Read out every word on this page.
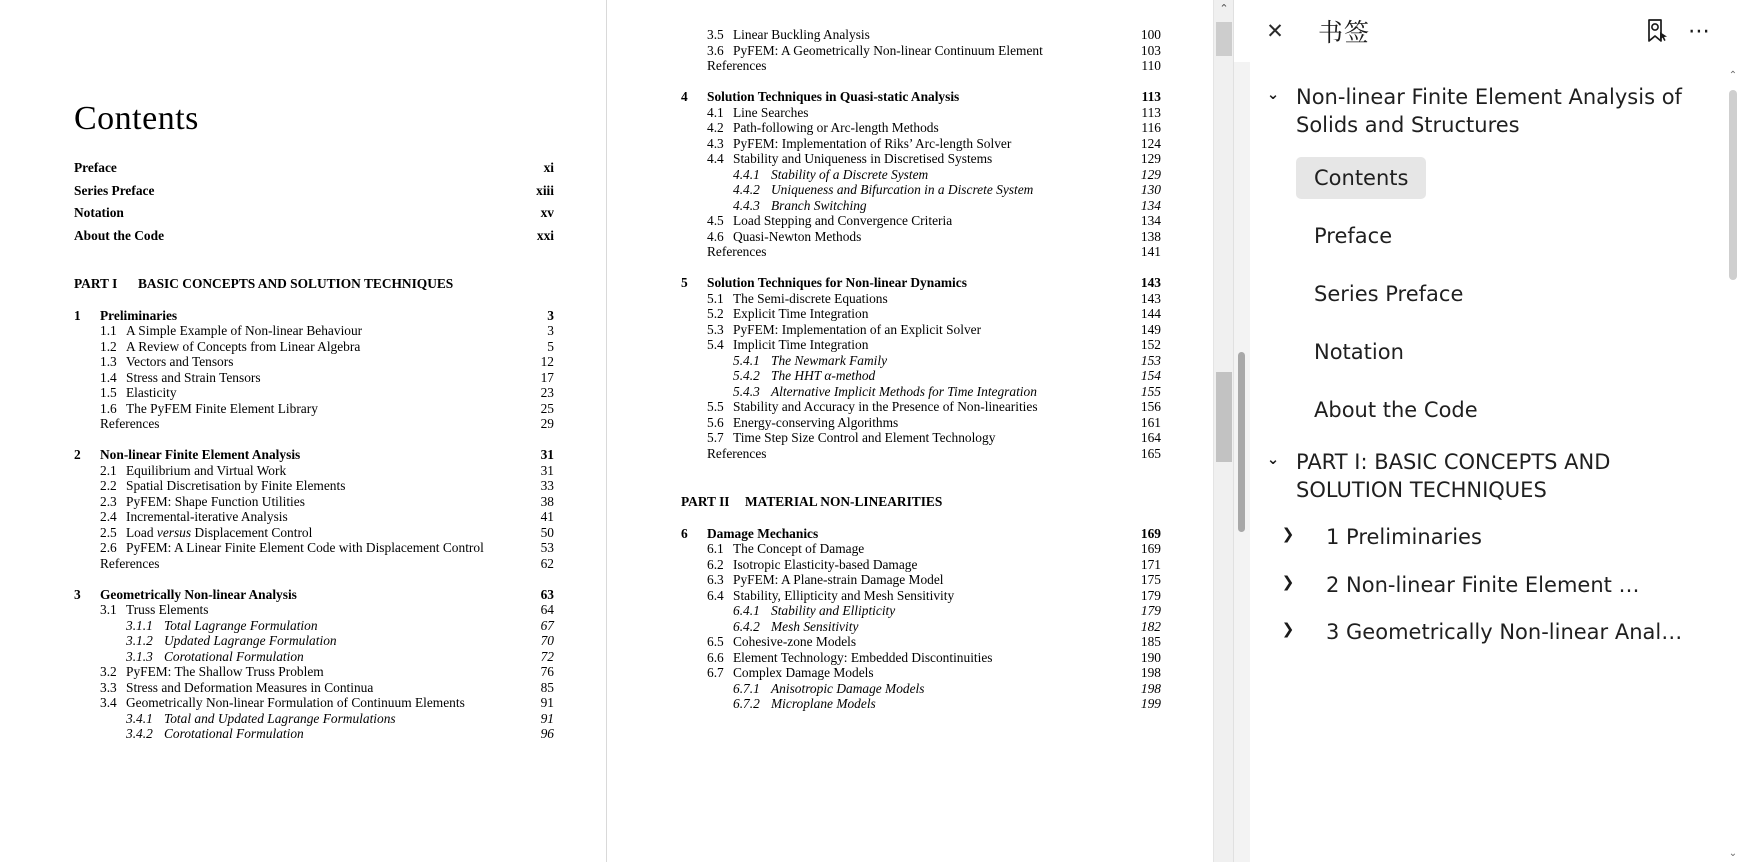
Contents
Preface	xi
Series Preface	xiii
Notation	xv
About the Code	xxi
PART I BASIC CONCEPTS AND SOLUTION TECHNIQUES
1 Preliminaries	3
1.1 A Simple Example of Non-linear Behaviour	3
1.2 A Review of Concepts from Linear Algebra	5
1.3 Vectors and Tensors	12
1.4 Stress and Strain Tensors	17
1.5 Elasticity	23
1.6 The PyFEM Finite Element Library	25
References	29
2 Non-linear Finite Element Analysis	31
2.1 Equilibrium and Virtual Work	31
2.2 Spatial Discretisation by Finite Elements	33
2.3 PyFEM: Shape Function Utilities	38
2.4 Incremental-iterative Analysis	41
2.5 Load versus Displacement Control	50
2.6 PyFEM: A Linear Finite Element Code with Displacement Control	53
References	62
3 Geometrically Non-linear Analysis	63
3.1 Truss Elements	64
3.1.1 Total Lagrange Formulation	67
3.1.2 Updated Lagrange Formulation	70
3.1.3 Corotational Formulation	72
3.2 PyFEM: The Shallow Truss Problem	76
3.3 Stress and Deformation Measures in Continua	85
3.4 Geometrically Non-linear Formulation of Continuum Elements	91
3.4.1 Total and Updated Lagrange Formulations	91
3.4.2 Corotational Formulation	96
3.5 Linear Buckling Analysis	100
3.6 PyFEM: A Geometrically Non-linear Continuum Element	103
References	110
4 Solution Techniques in Quasi-static Analysis	113
4.1 Line Searches	113
4.2 Path-following or Arc-length Methods	116
4.3 PyFEM: Implementation of Riks’ Arc-length Solver	124
4.4 Stability and Uniqueness in Discretised Systems	129
4.4.1 Stability of a Discrete System	129
4.4.2 Uniqueness and Bifurcation in a Discrete System	130
4.4.3 Branch Switching	134
4.5 Load Stepping and Convergence Criteria	134
4.6 Quasi-Newton Methods	138
References	141
5 Solution Techniques for Non-linear Dynamics	143
5.1 The Semi-discrete Equations	143
5.2 Explicit Time Integration	144
5.3 PyFEM: Implementation of an Explicit Solver	149
5.4 Implicit Time Integration	152
5.4.1 The Newmark Family	153
5.4.2 The HHT α-method	154
5.4.3 Alternative Implicit Methods for Time Integration	155
5.5 Stability and Accuracy in the Presence of Non-linearities	156
5.6 Energy-conserving Algorithms	161
5.7 Time Step Size Control and Element Technology	164
References	165
PART II MATERIAL NON-LINEARITIES
6 Damage Mechanics	169
6.1 The Concept of Damage	169
6.2 Isotropic Elasticity-based Damage	171
6.3 PyFEM: A Plane-strain Damage Model	175
6.4 Stability, Ellipticity and Mesh Sensitivity	179
6.4.1 Stability and Ellipticity	179
6.4.2 Mesh Sensitivity	182
6.5 Cohesive-zone Models	185
6.6 Element Technology: Embedded Discontinuities	190
6.7 Complex Damage Models	198
6.7.1 Anisotropic Damage Models	198
6.7.2 Microplane Models	199
⌃
✕ 书签	⋯
⌄ Non-linear Finite Element Analysis of Solids and Structures
Contents
Preface
Series Preface
Notation
About the Code
⌄ PART I: BASIC CONCEPTS AND SOLUTION TECHNIQUES
❯	1 Preliminaries
❯	2 Non-linear Finite Element …
❯	3 Geometrically Non-linear Anal…
⌃
⌄
